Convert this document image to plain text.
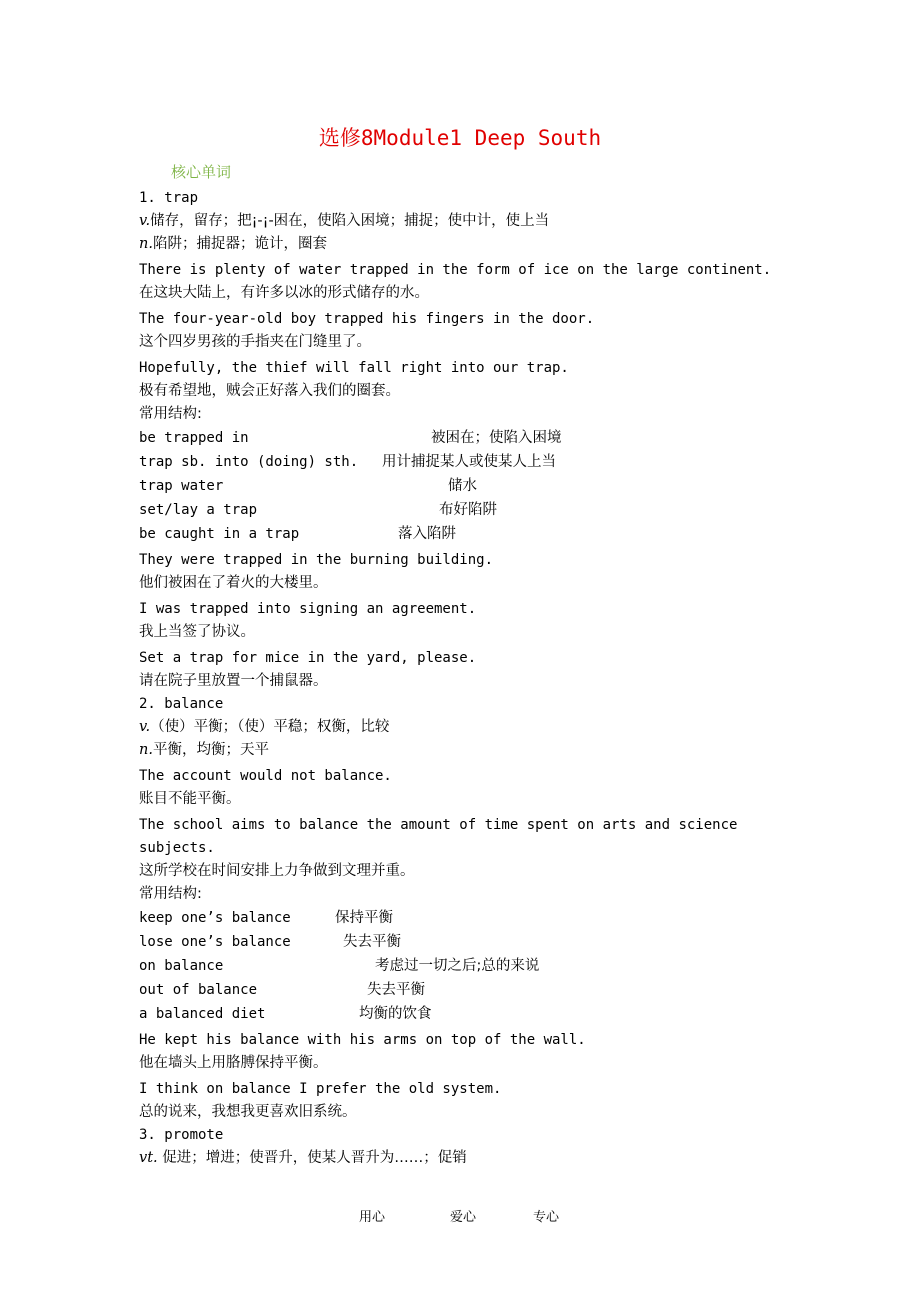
选修8Module1 Deep South
核心单词
1. trap
v.储存，留存；把¡-¡-困在，使陷入困境；捕捉；使中计，使上当
n.陷阱；捕捉器；诡计，圈套
There is plenty of water trapped in the form of ice on the large continent.
在这块大陆上，有许多以冰的形式储存的水。
The four-year-old boy trapped his fingers in the door.
这个四岁男孩的手指夹在门缝里了。
Hopefully, the thief will fall right into our trap.
极有希望地，贼会正好落入我们的圈套。
常用结构:
be trapped in	被困在；使陷入困境
trap sb. into (doing) sth.	用计捕捉某人或使某人上当
trap water	储水
set/lay a trap	布好陷阱
be caught in a trap	落入陷阱
They were trapped in the burning building.
他们被困在了着火的大楼里。
I was trapped into signing an agreement.
我上当签了协议。
Set a trap for mice in the yard, please.
请在院子里放置一个捕鼠器。
2. balance
v.（使）平衡；（使）平稳；权衡，比较
n.平衡，均衡；天平
The account would not balance.
账目不能平衡。
The school aims to balance the amount of time spent on arts and science
subjects.
这所学校在时间安排上力争做到文理并重。
常用结构:
keep one’s balance	保持平衡
lose one’s balance	失去平衡
on balance	考虑过一切之后;总的来说
out of balance	失去平衡
a balanced diet	均衡的饮食
He kept his balance with his arms on top of the wall.
他在墙头上用胳膊保持平衡。
I think on balance I prefer the old system.
总的说来，我想我更喜欢旧系统。
3. promote
vt. 促进；增进；使晋升，使某人晋升为……；促销
用心	爱心	专心
